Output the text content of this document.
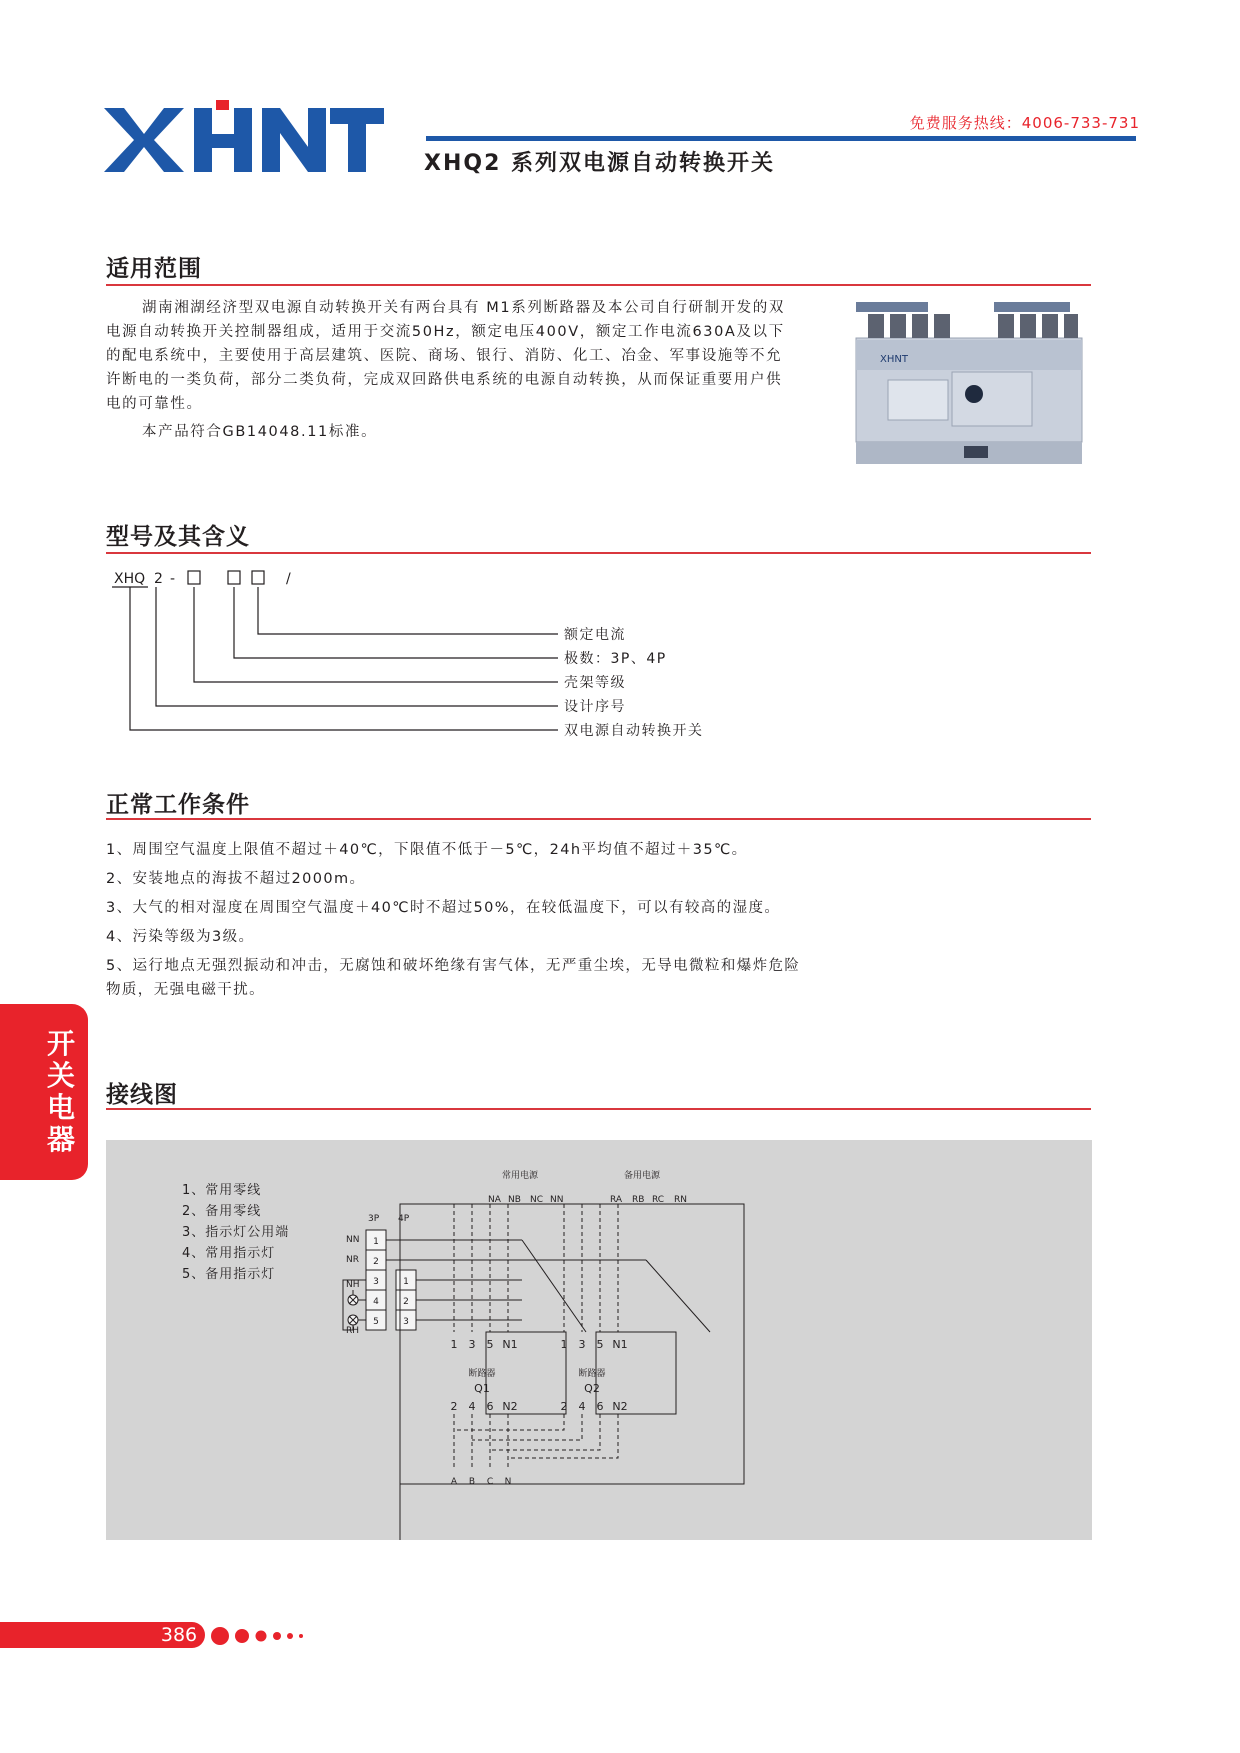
免费服务热线：4006-733-731
XHQ2 系列双电源自动转换开关
适用范围

湖南湘湖经济型双电源自动转换开关有两台具有 M1系列断路器及本公司自行研制开发的双电源自动转换开关控制器组成，适用于交流50Hz，额定电压400V，额定工作电流630A及以下的配电系统中，主要使用于高层建筑、医院、商场、银行、消防、化工、冶金、军事设施等不允许断电的一类负荷，部分二类负荷，完成双回路供电系统的电源自动转换，从而保证重要用户供电的可靠性。

本产品符合GB14048.11标准。

XHNT
型号及其含义
XHQ 2 -	/
额定电流
极数：3P、4P
壳架等级
设计序号
双电源自动转换开关
正常工作条件

1、周围空气温度上限值不超过＋40℃，下限值不低于－5℃，24h平均值不超过＋35℃。

2、安装地点的海拔不超过2000m。

3、大气的相对湿度在周围空气温度＋40℃时不超过50%，在较低温度下，可以有较高的湿度。

4、污染等级为3级。

5、运行地点无强烈振动和冲击，无腐蚀和破坏绝缘有害气体，无严重尘埃，无导电微粒和爆炸危险物质，无强电磁干扰。

开关电器
接线图
1、常用零线
2、备用零线
3、指示灯公用端
4、常用指示灯
5、备用指示灯
常用电源	备用电源
NA NB NC NN	RA RB RC RN
3P 4P
NN
NR
NH
RH
1
2
3
4
5
1
2
3
1 3 5 N1
断路器
Q1
2 4 6 N2
1 3 5 N1
断路器
Q2
2 4 6 N2
A B C N
386
